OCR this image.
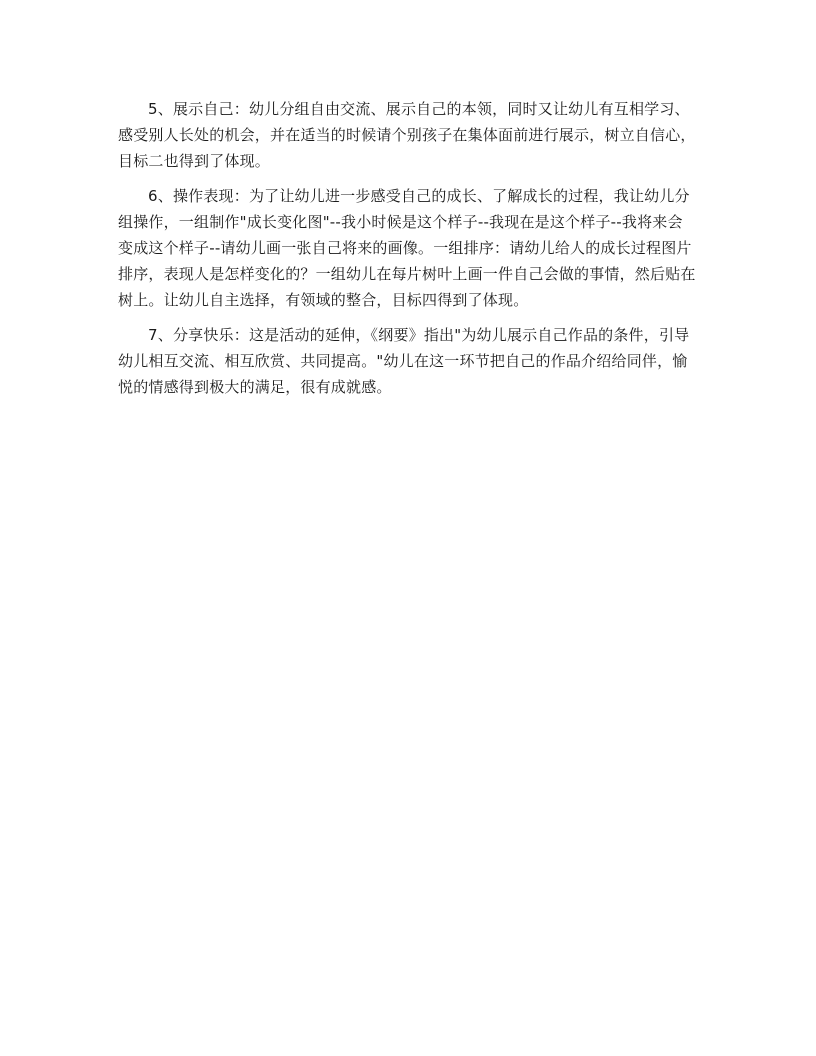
5、展示自己：幼儿分组自由交流、展示自己的本领，同时又让幼儿有互相学习、感受别人长处的机会，并在适当的时候请个别孩子在集体面前进行展示，树立自信心，目标二也得到了体现。

6、操作表现：为了让幼儿进一步感受自己的成长、了解成长的过程，我让幼儿分组操作，一组制作"成长变化图"--我小时候是这个样子--我现在是这个样子--我将来会变成这个样子--请幼儿画一张自己将来的画像。一组排序：请幼儿给人的成长过程图片排序，表现人是怎样变化的？一组幼儿在每片树叶上画一件自己会做的事情，然后贴在树上。让幼儿自主选择，有领域的整合，目标四得到了体现。

7、分享快乐：这是活动的延伸，《纲要》指出"为幼儿展示自己作品的条件，引导幼儿相互交流、相互欣赏、共同提高。"幼儿在这一环节把自己的作品介绍给同伴，愉悦的情感得到极大的满足，很有成就感。
